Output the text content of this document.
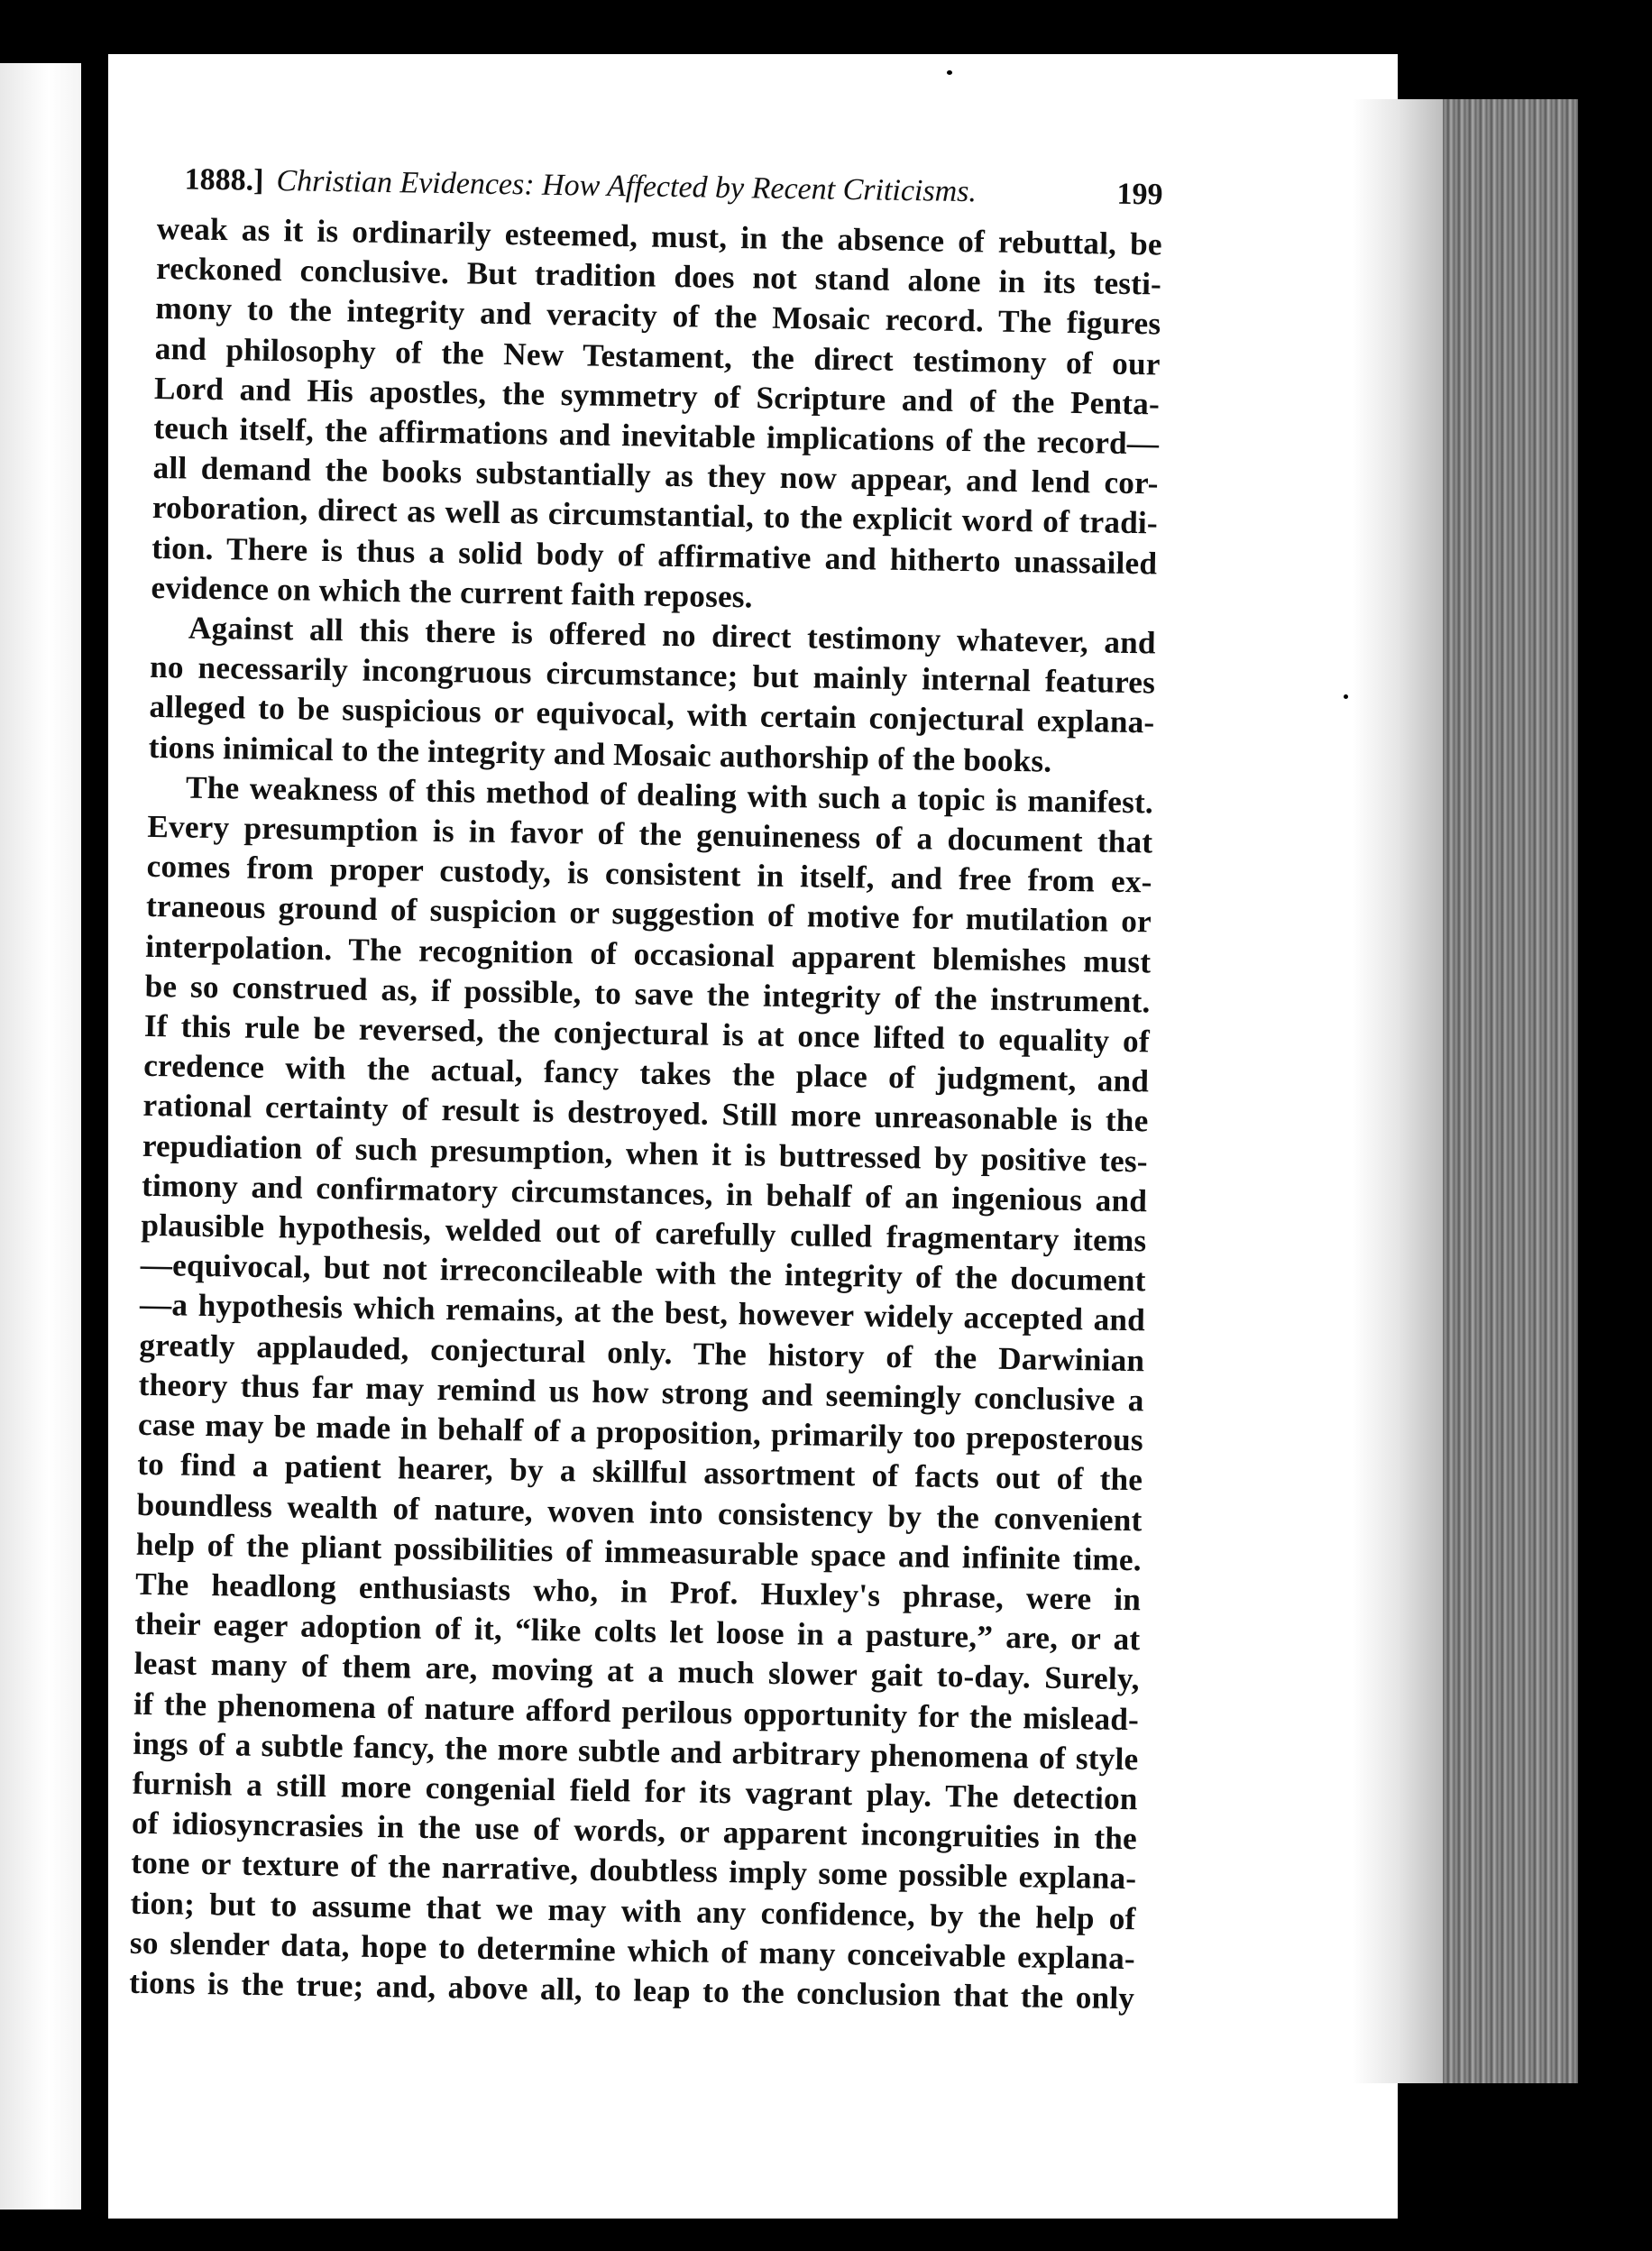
1888.] Christian Evidences: How Affected by Recent Criticisms.	199
weak as it is ordinarily esteemed, must, in the absence of rebuttal, be
reckoned conclusive. But tradition does not stand alone in its testi-
mony to the integrity and veracity of the Mosaic record. The figures
and philosophy of the New Testament, the direct testimony of our
Lord and His apostles, the symmetry of Scripture and of the Penta-
teuch itself, the affirmations and inevitable implications of the record—
all demand the books substantially as they now appear, and lend cor-
roboration, direct as well as circumstantial, to the explicit word of tradi-
tion. There is thus a solid body of affirmative and hitherto unassailed
evidence on which the current faith reposes.
Against all this there is offered no direct testimony whatever, and
no necessarily incongruous circumstance; but mainly internal features
alleged to be suspicious or equivocal, with certain conjectural explana-
tions inimical to the integrity and Mosaic authorship of the books.
The weakness of this method of dealing with such a topic is manifest.
Every presumption is in favor of the genuineness of a document that
comes from proper custody, is consistent in itself, and free from ex-
traneous ground of suspicion or suggestion of motive for mutilation or
interpolation. The recognition of occasional apparent blemishes must
be so construed as, if possible, to save the integrity of the instrument.
If this rule be reversed, the conjectural is at once lifted to equality of
credence with the actual, fancy takes the place of judgment, and
rational certainty of result is destroyed. Still more unreasonable is the
repudiation of such presumption, when it is buttressed by positive tes-
timony and confirmatory circumstances, in behalf of an ingenious and
plausible hypothesis, welded out of carefully culled fragmentary items
—equivocal, but not irreconcileable with the integrity of the document
—a hypothesis which remains, at the best, however widely accepted and
greatly applauded, conjectural only. The history of the Darwinian
theory thus far may remind us how strong and seemingly conclusive a
case may be made in behalf of a proposition, primarily too preposterous
to find a patient hearer, by a skillful assortment of facts out of the
boundless wealth of nature, woven into consistency by the convenient
help of the pliant possibilities of immeasurable space and infinite time.
The headlong enthusiasts who, in Prof. Huxley's phrase, were in
their eager adoption of it, “like colts let loose in a pasture,” are, or at
least many of them are, moving at a much slower gait to-day. Surely,
if the phenomena of nature afford perilous opportunity for the mislead-
ings of a subtle fancy, the more subtle and arbitrary phenomena of style
furnish a still more congenial field for its vagrant play. The detection
of idiosyncrasies in the use of words, or apparent incongruities in the
tone or texture of the narrative, doubtless imply some possible explana-
tion; but to assume that we may with any confidence, by the help of
so slender data, hope to determine which of many conceivable explana-
tions is the true; and, above all, to leap to the conclusion that the only
